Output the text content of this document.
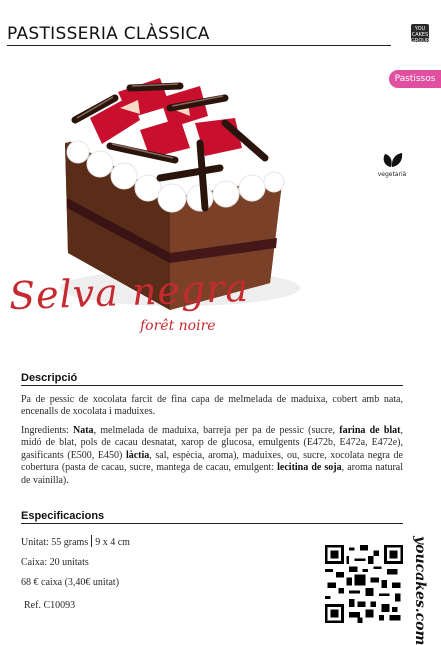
PASTISSERIA CLÀSSICA	YOU
CAKES
GROUP
Pastissos
vegetarià
Selva negra
forêt noire
Descripció
Pa de pessic de xocolata farcit de fina capa de melmelada de maduixa, cobert amb nata, encenalls de xocolata i maduixes.
Ingredients: Nata, melmelada de maduixa, barreja per pa de pessic (sucre, farina de blat, midó de blat, pols de cacau desnatat, xarop de glucosa, emulgents (E472b, E472a, E472e), gasificants (E500, E450) làctia, sal, espècia, aroma), maduixes, ou, sucre, xocolata negra de cobertura (pasta de cacau, sucre, mantega de cacau, emulgent: lecitina de soja, aroma natural de vainilla).
Especificacions
Unitat: 55 grams 9 x 4 cm
Caixa: 20 unitats
68 € caixa (3,40€ unitat)
Ref. C10093	youcakes.com
